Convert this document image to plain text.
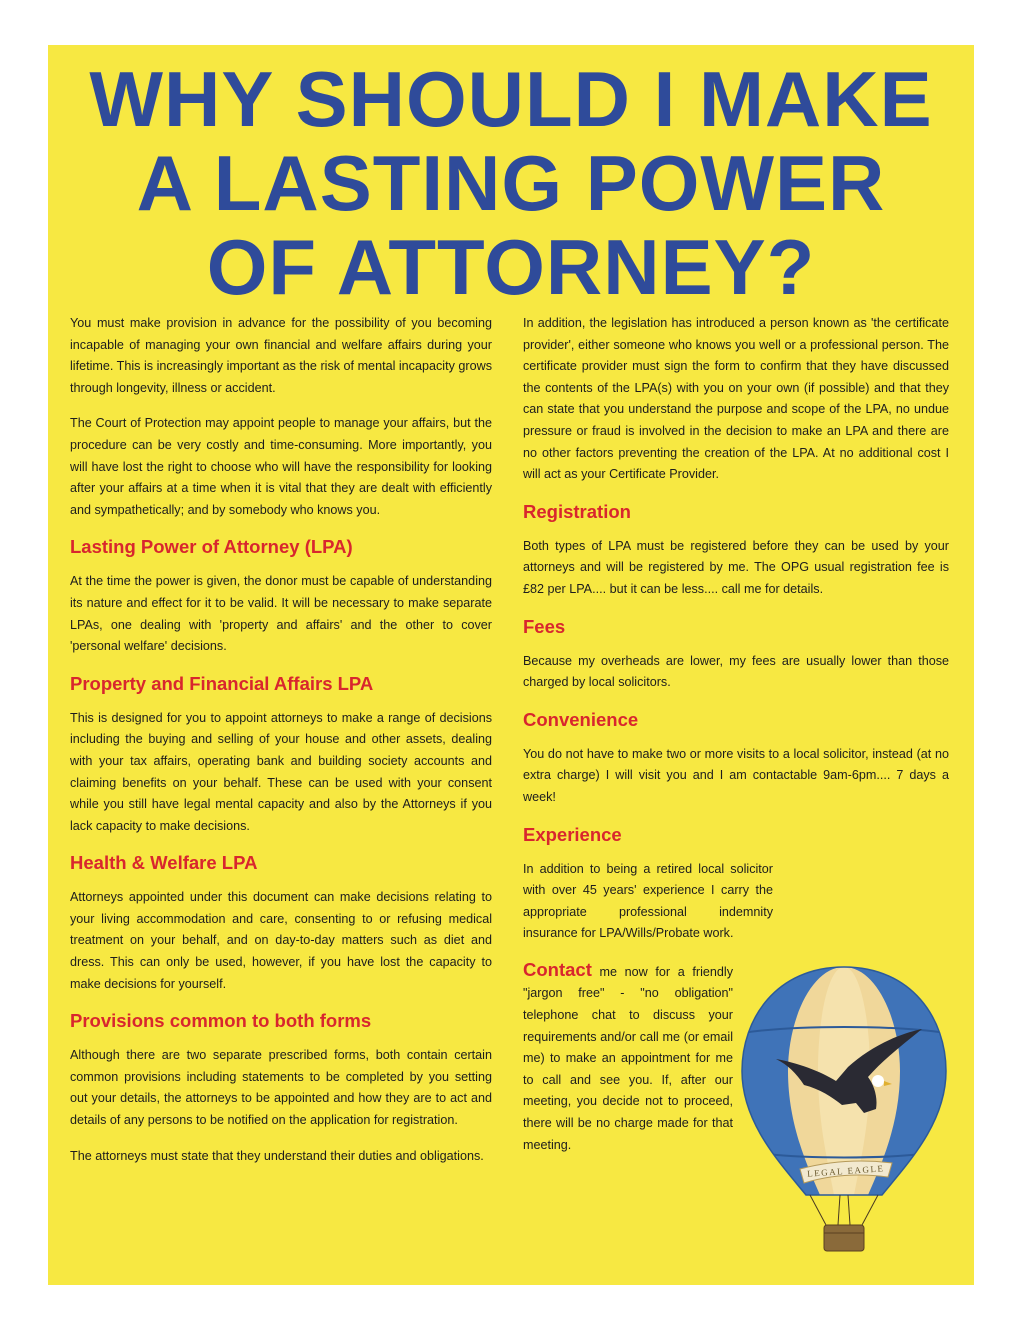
WHY SHOULD I MAKE
A LASTING POWER
OF ATTORNEY?

You must make provision in advance for the possibility of you becoming incapable of managing your own financial and welfare affairs during your lifetime. This is increasingly important as the risk of mental incapacity grows through longevity, illness or accident.

The Court of Protection may appoint people to manage your affairs, but the procedure can be very costly and time-consuming. More importantly, you will have lost the right to choose who will have the responsibility for looking after your affairs at a time when it is vital that they are dealt with efficiently and sympathetically; and by somebody who knows you.

Lasting Power of Attorney (LPA)

At the time the power is given, the donor must be capable of understanding its nature and effect for it to be valid. It will be necessary to make separate LPAs, one dealing with 'property and affairs' and the other to cover 'personal welfare' decisions.

Property and Financial Affairs LPA

This is designed for you to appoint attorneys to make a range of decisions including the buying and selling of your house and other assets, dealing with your tax affairs, operating bank and building society accounts and claiming benefits on your behalf. These can be used with your consent while you still have legal mental capacity and also by the Attorneys if you lack capacity to make decisions.

Health & Welfare LPA

Attorneys appointed under this document can make decisions relating to your living accommodation and care, consenting to or refusing medical treatment on your behalf, and on day-to-day matters such as diet and dress. This can only be used, however, if you have lost the capacity to make decisions for yourself.

Provisions common to both forms

Although there are two separate prescribed forms, both contain certain common provisions including statements to be completed by you setting out your details, the attorneys to be appointed and how they are to act and details of any persons to be notified on the application for registration.

The attorneys must state that they understand their duties and obligations.

In addition, the legislation has introduced a person known as 'the certificate provider', either someone who knows you well or a professional person. The certificate provider must sign the form to confirm that they have discussed the contents of the LPA(s) with you on your own (if possible) and that they can state that you understand the purpose and scope of the LPA, no undue pressure or fraud is involved in the decision to make an LPA and there are no other factors preventing the creation of the LPA. At no additional cost I will act as your Certificate Provider.

Registration

Both types of LPA must be registered before they can be used by your attorneys and will be registered by me. The OPG usual registration fee is £82 per LPA.... but it can be less.... call me for details.

Fees

Because my overheads are lower, my fees are usually lower than those charged by local solicitors.

Convenience

You do not have to make two or more visits to a local solicitor, instead (at no extra charge) I will visit you and I am contactable 9am-6pm.... 7 days a week!

Experience

In addition to being a retired local solicitor with over 45 years' experience I carry the appropriate professional indemnity insurance for LPA/Wills/Probate work.

Contact me now for a friendly "jargon free" - "no obligation" telephone chat to discuss your requirements and/or call me (or email me) to make an appointment for me to call and see you. If, after our meeting, you decide not to proceed, there will be no charge made for that meeting.

LEGAL EAGLE
